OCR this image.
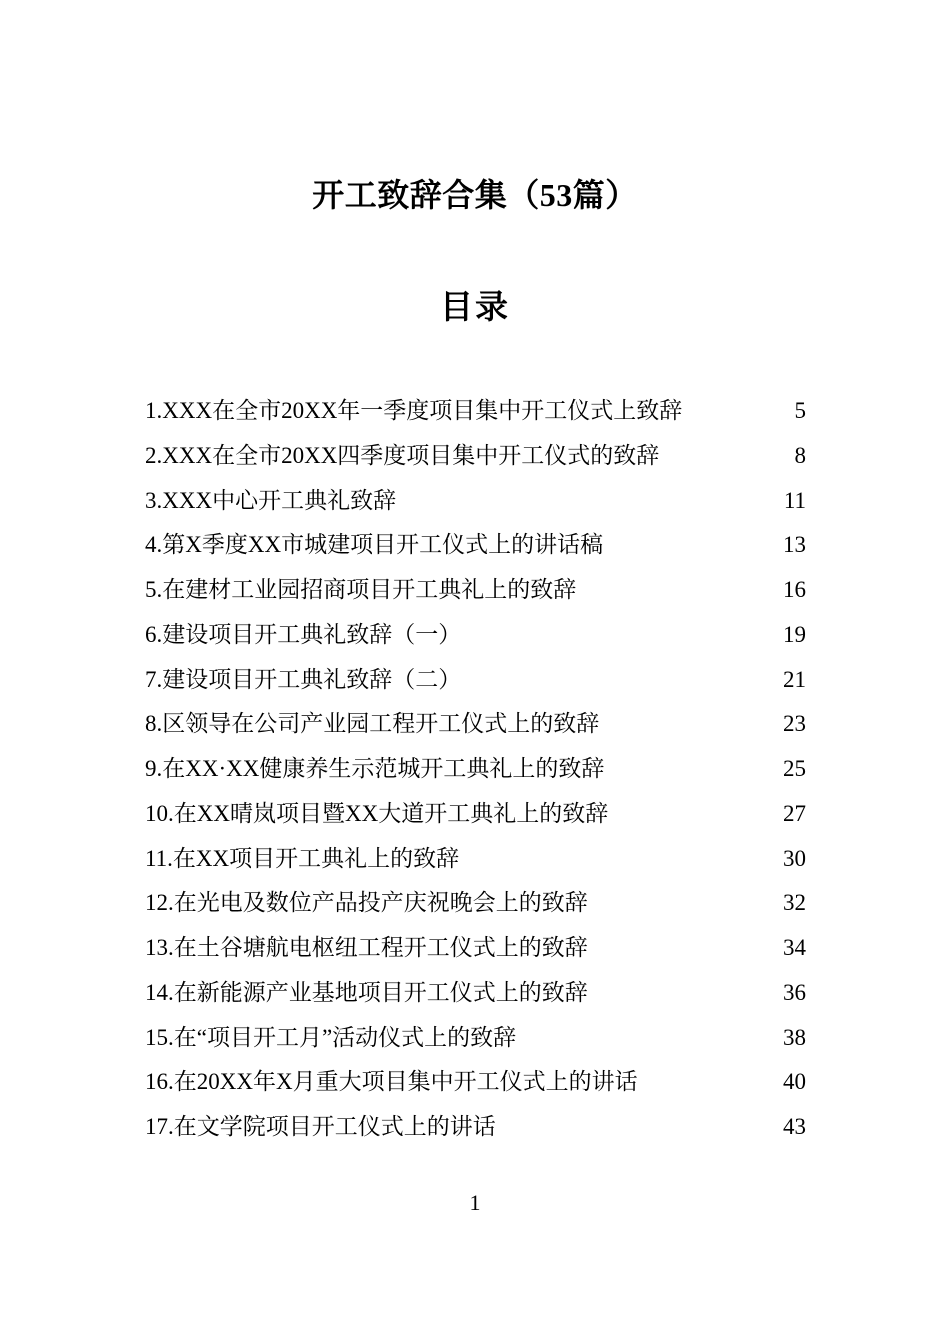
开工致辞合集（53篇）
目录
1. XXX在全市20XX年一季度项目集中开工仪式上致辞	5
2. XXX在全市20XX四季度项目集中开工仪式的致辞	8
3. XXX中心开工典礼致辞	11
4. 第X季度XX市城建项目开工仪式上的讲话稿	13
5. 在建材工业园招商项目开工典礼上的致辞	16
6. 建设项目开工典礼致辞（一）	19
7. 建设项目开工典礼致辞（二）	21
8. 区领导在公司产业园工程开工仪式上的致辞	23
9. 在XX·XX健康养生示范城开工典礼上的致辞	25
10. 在XX晴岚项目暨XX大道开工典礼上的致辞	27
11. 在XX项目开工典礼上的致辞	30
12. 在光电及数位产品投产庆祝晚会上的致辞	32
13. 在土谷塘航电枢纽工程开工仪式上的致辞	34
14. 在新能源产业基地项目开工仪式上的致辞	36
15. 在“项目开工月”活动仪式上的致辞	38
16. 在20XX年X月重大项目集中开工仪式上的讲话	40
17. 在文学院项目开工仪式上的讲话	43
1
